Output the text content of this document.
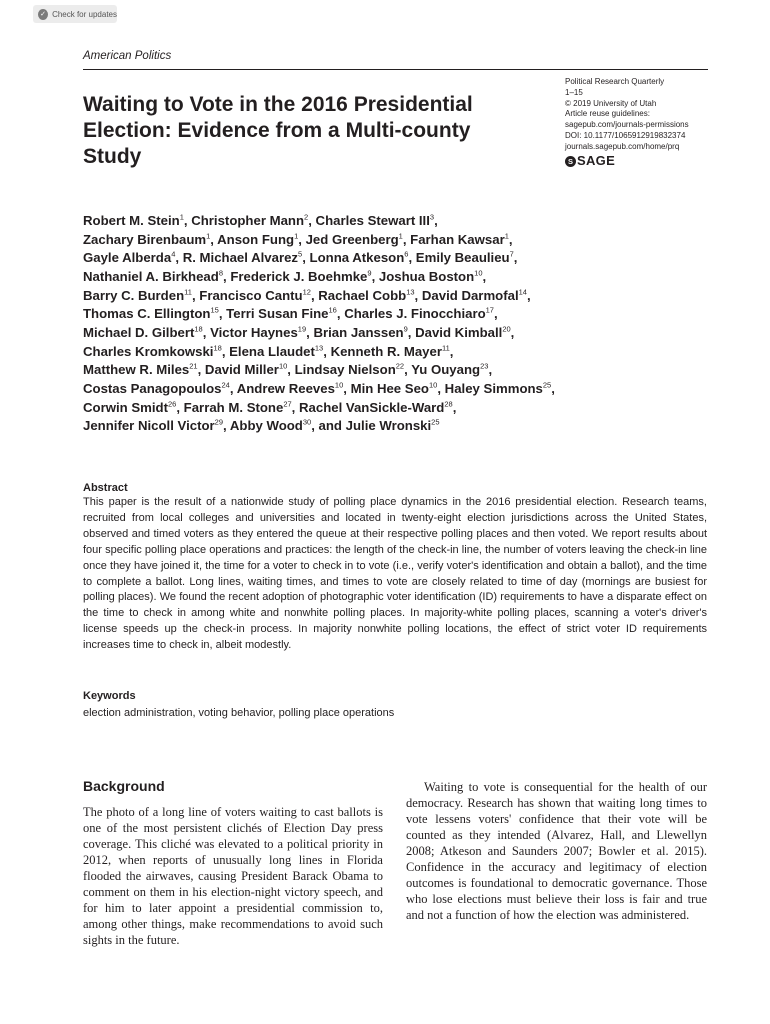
✓ Check for updates
American Politics
Waiting to Vote in the 2016 Presidential Election: Evidence from a Multi-county Study
Political Research Quarterly
1–15
© 2019 University of Utah
Article reuse guidelines:
sagepub.com/journals-permissions
DOI: 10.1177/1065912919832374
journals.sagepub.com/home/prq
S SAGE

Robert M. Stein$^1$, Christopher Mann$^2$, Charles Stewart III$^3$,
Zachary Birenbaum$^1$, Anson Fung$^1$, Jed Greenberg$^1$, Farhan Kawsar$^1$,
Gayle Alberda$^4$, R. Michael Alvarez$^5$, Lonna Atkeson$^6$, Emily Beaulieu$^7$,
Nathaniel A. Birkhead$^8$, Frederick J. Boehmke$^9$, Joshua Boston$^{10}$,
Barry C. Burden$^{11}$, Francisco Cantu$^{12}$, Rachael Cobb$^{13}$, David Darmofal$^{14}$,
Thomas C. Ellington$^{15}$, Terri Susan Fine$^{16}$, Charles J. Finocchiaro$^{17}$,
Michael D. Gilbert$^{18}$, Victor Haynes$^{19}$, Brian Janssen$^9$, David Kimball$^{20}$,
Charles Kromkowski$^{18}$, Elena Llaudet$^{13}$, Kenneth R. Mayer$^{11}$,
Matthew R. Miles$^{21}$, David Miller$^{10}$, Lindsay Nielson$^{22}$, Yu Ouyang$^{23}$,
Costas Panagopoulos$^{24}$, Andrew Reeves$^{10}$, Min Hee Seo$^{10}$, Haley Simmons$^{25}$,
Corwin Smidt$^{26}$, Farrah M. Stone$^{27}$, Rachel VanSickle-Ward$^{28}$,
Jennifer Nicoll Victor$^{29}$, Abby Wood$^{30}$, and Julie Wronski$^{25}$

Abstract

This paper is the result of a nationwide study of polling place dynamics in the 2016 presidential election. Research teams, recruited from local colleges and universities and located in twenty-eight election jurisdictions across the United States, observed and timed voters as they entered the queue at their respective polling places and then voted. We report results about four specific polling place operations and practices: the length of the check-in line, the number of voters leaving the check-in line once they have joined it, the time for a voter to check in to vote (i.e., verify voter's identification and obtain a ballot), and the time to complete a ballot. Long lines, waiting times, and times to vote are closely related to time of day (mornings are busiest for polling places). We found the recent adoption of photographic voter identification (ID) requirements to have a disparate effect on the time to check in among white and nonwhite polling places. In majority-white polling places, scanning a voter's driver's license speeds up the check-in process. In majority nonwhite polling locations, the effect of strict voter ID requirements increases time to check in, albeit modestly.

Keywords
election administration, voting behavior, polling place operations
Background

The photo of a long line of voters waiting to cast ballots is one of the most persistent clichés of Election Day press coverage. This cliché was elevated to a political priority in 2012, when reports of unusually long lines in Florida flooded the airwaves, causing President Barack Obama to comment on them in his election-night victory speech, and for him to later appoint a presidential commission to, among other things, make recommendations to avoid such sights in the future.

Waiting to vote is consequential for the health of our democracy. Research has shown that waiting long times to vote lessens voters' confidence that their vote will be counted as they intended (Alvarez, Hall, and Llewellyn 2008; Atkeson and Saunders 2007; Bowler et al. 2015). Confidence in the accuracy and legitimacy of election outcomes is foundational to democratic governance. Those who lose elections must believe their loss is fair and true and not a function of how the election was administered.
